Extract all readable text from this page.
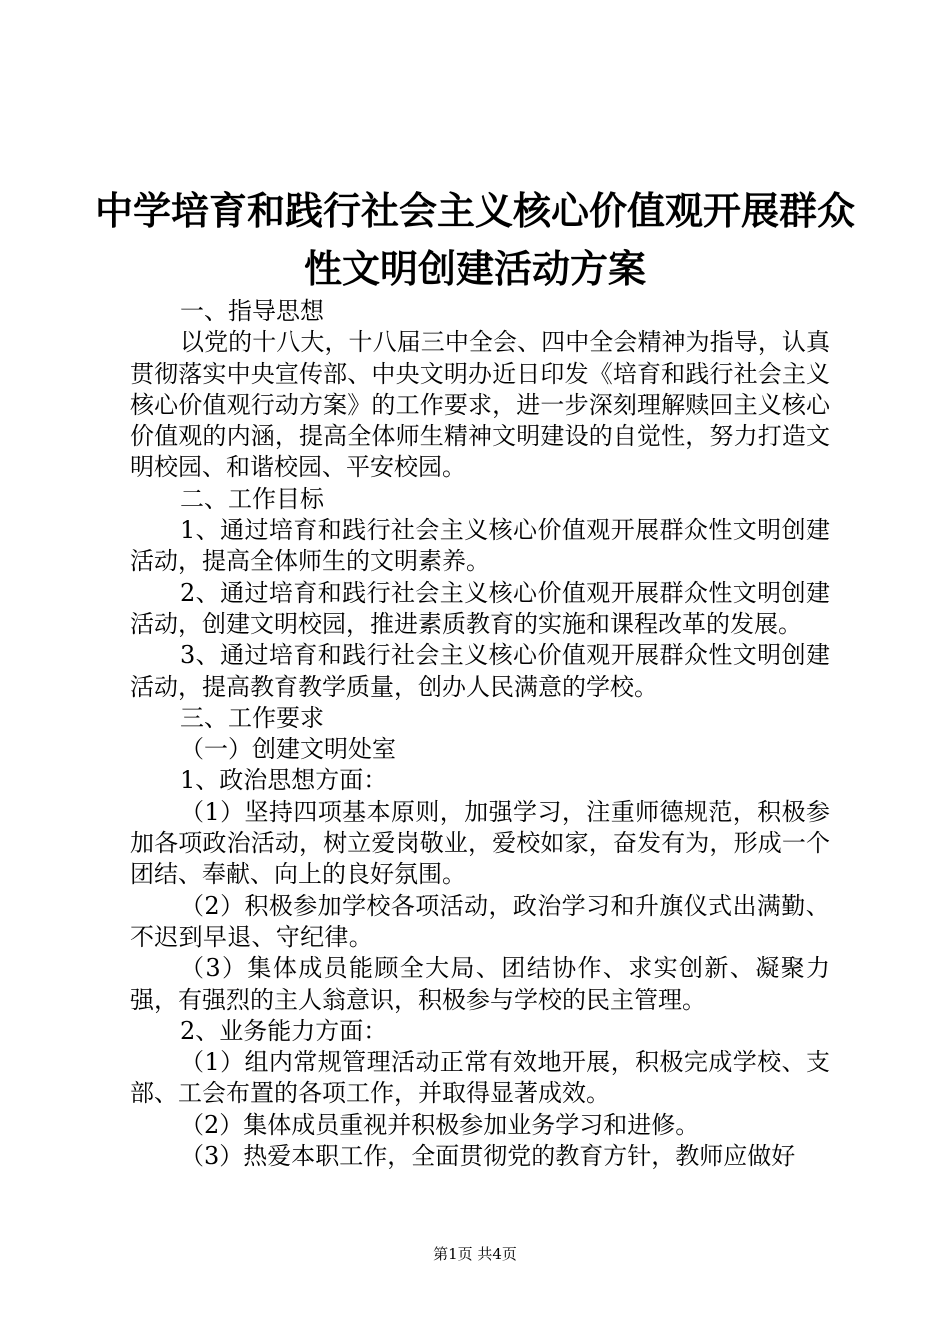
中学培育和践行社会主义核心价值观开展群众
性文明创建活动方案

一、指导思想

以党的十八大，十八届三中全会、四中全会精神为指导，认真贯彻落实中央宣传部、中央文明办近日印发《培育和践行社会主义核心价值观行动方案》的工作要求，进一步深刻理解赎回主义核心价值观的内涵，提高全体师生精神文明建设的自觉性，努力打造文明校园、和谐校园、平安校园。

二、工作目标

1、通过培育和践行社会主义核心价值观开展群众性文明创建活动，提高全体师生的文明素养。

2、通过培育和践行社会主义核心价值观开展群众性文明创建活动，创建文明校园，推进素质教育的实施和课程改革的发展。

3、通过培育和践行社会主义核心价值观开展群众性文明创建活动，提高教育教学质量，创办人民满意的学校。

三、工作要求

（一）创建文明处室

1、政治思想方面：

（1）坚持四项基本原则，加强学习，注重师德规范，积极参加各项政治活动，树立爱岗敬业，爱校如家，奋发有为，形成一个团结、奉献、向上的良好氛围。

（2）积极参加学校各项活动，政治学习和升旗仪式出满勤、不迟到早退、守纪律。

（3）集体成员能顾全大局、团结协作、求实创新、凝聚力强，有强烈的主人翁意识，积极参与学校的民主管理。

2、业务能力方面：

（1）组内常规管理活动正常有效地开展，积极完成学校、支部、工会布置的各项工作，并取得显著成效。

（2）集体成员重视并积极参加业务学习和进修。

（3）热爱本职工作，全面贯彻党的教育方针，教师应做好

第1页 共4页
